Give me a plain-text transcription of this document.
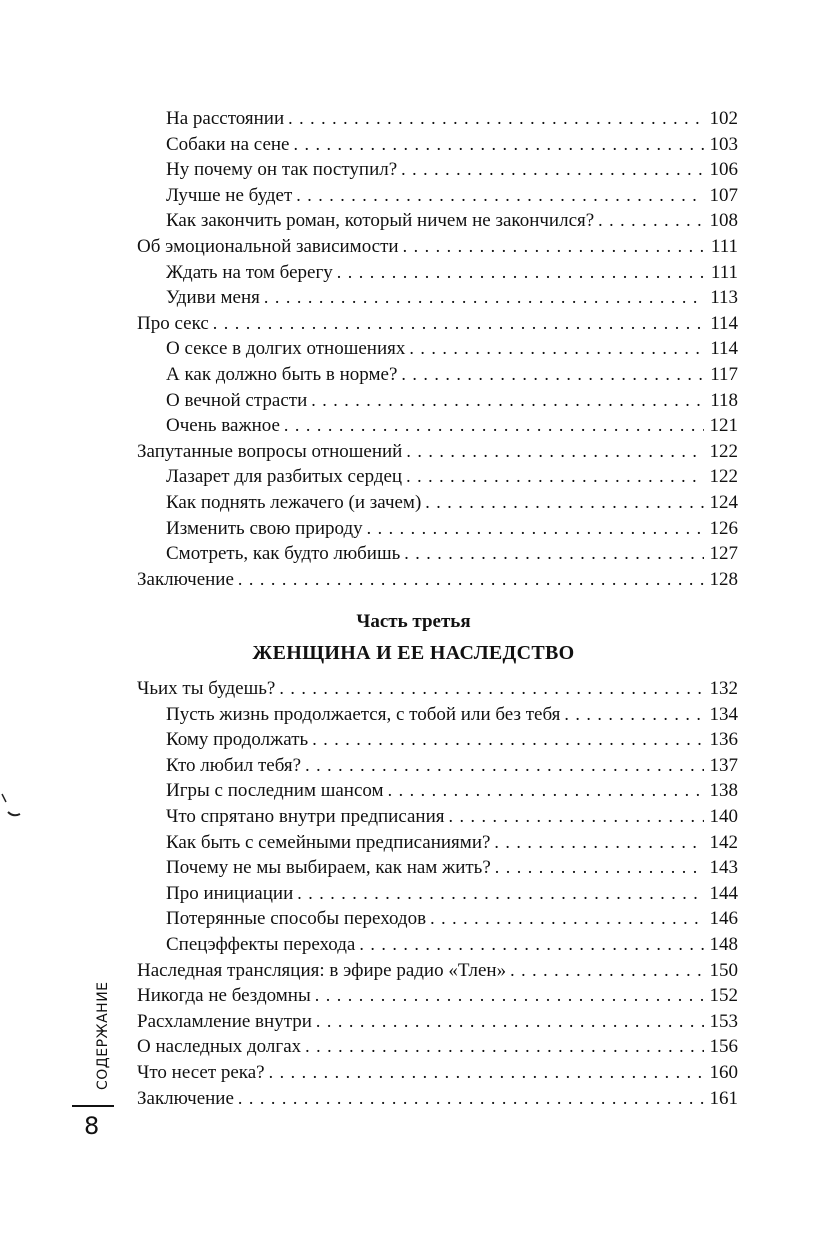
На расстоянии . . .	102
Собаки на сене . . .	103
Ну почему он так поступил? . . .	106
Лучше не будет . . .	107
Как закончить роман, который ничем не закончился? . . .	108
Об эмоциональной зависимости . . .	111
Ждать на том берегу . . .	111
Удиви меня . . .	113
Про секс . . .	114
О сексе в долгих отношениях . . .	114
А как должно быть в норме? . . .	117
О вечной страсти . . .	118
Очень важное . . .	121
Запутанные вопросы отношений . . .	122
Лазарет для разбитых сердец . . .	122
Как поднять лежачего (и зачем) . . .	124
Изменить свою природу . . .	126
Смотреть, как будто любишь . . .	127
Заключение . . .	128
Часть третья
ЖЕНЩИНА И ЕЕ НАСЛЕДСТВО
Чьих ты будешь? . . .	132
Пусть жизнь продолжается, с тобой или без тебя . . .	134
Кому продолжать . . .	136
Кто любил тебя? . . .	137
Игры с последним шансом . . .	138
Что спрятано внутри предписания . . .	140
Как быть с семейными предписаниями? . . .	142
Почему не мы выбираем, как нам жить? . . .	143
Про инициации . . .	144
Потерянные способы переходов . . .	146
Спецэффекты перехода . . .	148
Наследная трансляция: в эфире радио «Тлен» . . .	150
Никогда не бездомны . . .	152
Расхламление внутри . . .	153
О наследных долгах . . .	156
Что несет река? . . .	160
Заключение . . .	161
СОДЕРЖАНИЕ
8
